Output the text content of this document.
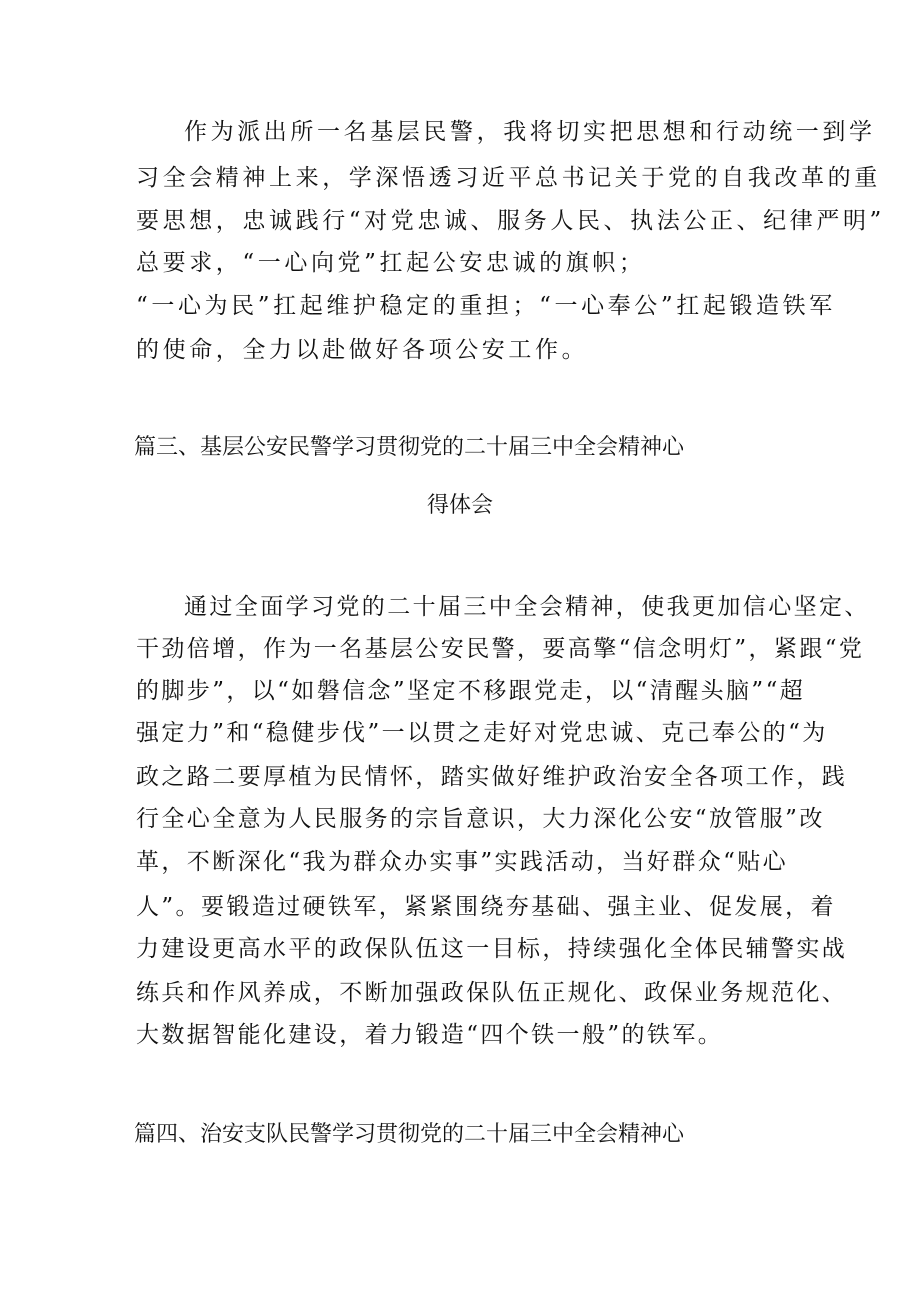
作为派出所一名基层民警，我将切实把思想和行动统一到学
习全会精神上来，学深悟透习近平总书记关于党的自我改革的重
要思想，忠诚践行“对党忠诚、服务人民、执法公正、纪律严明”
总要求，“一心向党”扛起公安忠诚的旗帜；
“一心为民”扛起维护稳定的重担；“一心奉公”扛起锻造铁军
的使命，全力以赴做好各项公安工作。
篇三、基层公安民警学习贯彻党的二十届三中全会精神心
得体会
通过全面学习党的二十届三中全会精神，使我更加信心坚定、
干劲倍增，作为一名基层公安民警，要高擎“信念明灯”，紧跟“党
的脚步”，以“如磐信念”坚定不移跟党走，以“清醒头脑”“超
强定力”和“稳健步伐”一以贯之走好对党忠诚、克己奉公的“为
政之路二要厚植为民情怀，踏实做好维护政治安全各项工作，践
行全心全意为人民服务的宗旨意识，大力深化公安“放管服”改
革，不断深化“我为群众办实事”实践活动，当好群众“贴心
人”。要锻造过硬铁军，紧紧围绕夯基础、强主业、促发展，着
力建设更高水平的政保队伍这一目标，持续强化全体民辅警实战
练兵和作风养成，不断加强政保队伍正规化、政保业务规范化、
大数据智能化建设，着力锻造“四个铁一般”的铁军。
篇四、治安支队民警学习贯彻党的二十届三中全会精神心
